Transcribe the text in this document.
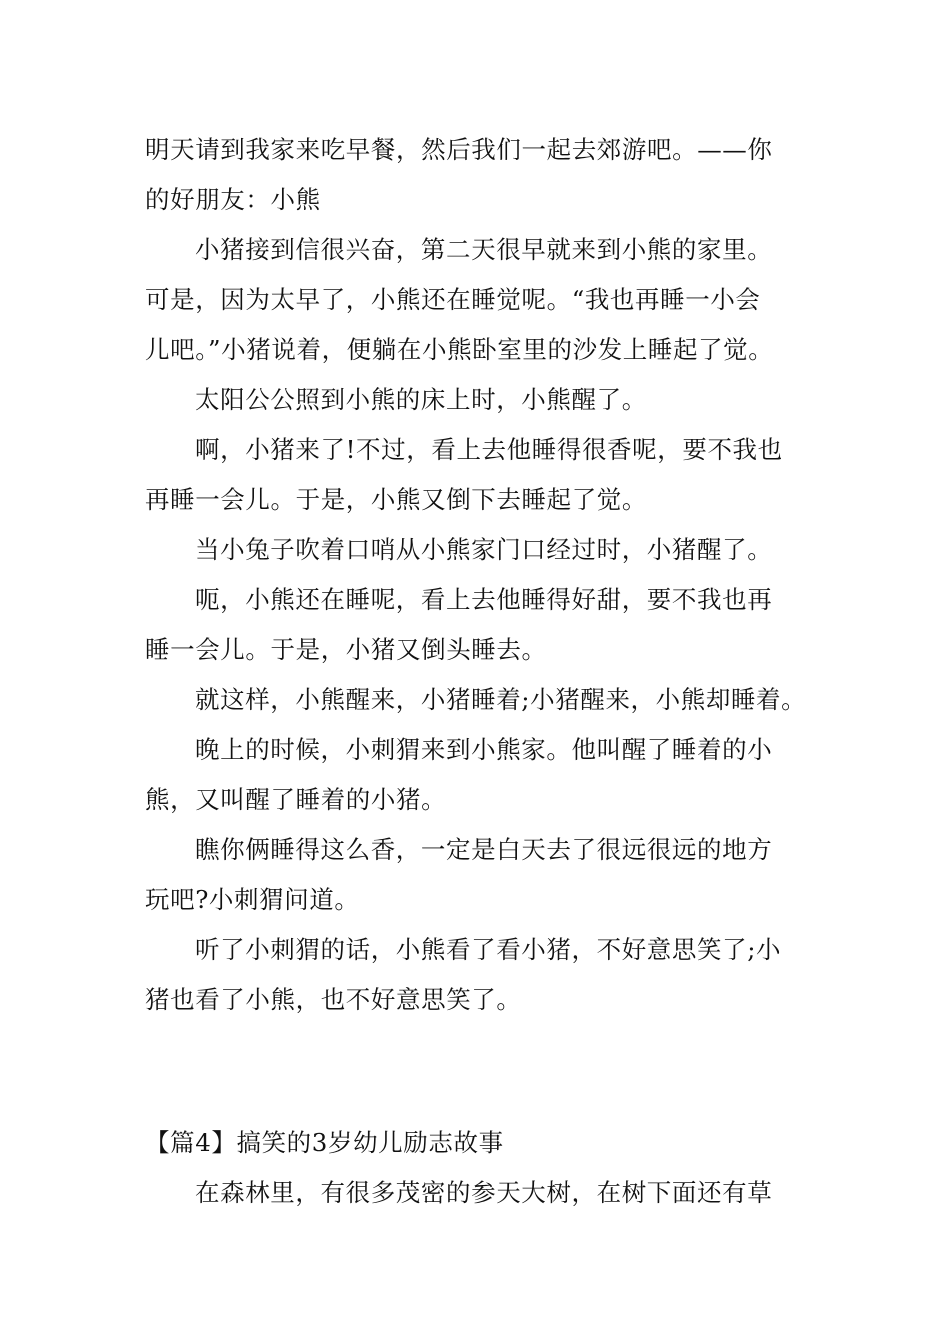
明天请到我家来吃早餐，然后我们一起去郊游吧。——你
的好朋友：小熊
小猪接到信很兴奋，第二天很早就来到小熊的家里。
可是，因为太早了，小熊还在睡觉呢。“我也再睡一小会
儿吧。”小猪说着，便躺在小熊卧室里的沙发上睡起了觉。
太阳公公照到小熊的床上时，小熊醒了。
啊，小猪来了!不过，看上去他睡得很香呢，要不我也
再睡一会儿。于是，小熊又倒下去睡起了觉。
当小兔子吹着口哨从小熊家门口经过时，小猪醒了。
呃，小熊还在睡呢，看上去他睡得好甜，要不我也再
睡一会儿。于是，小猪又倒头睡去。
就这样，小熊醒来，小猪睡着;小猪醒来，小熊却睡着。
晚上的时候，小刺猬来到小熊家。他叫醒了睡着的小
熊，又叫醒了睡着的小猪。
瞧你俩睡得这么香，一定是白天去了很远很远的地方
玩吧?小刺猬问道。
听了小刺猬的话，小熊看了看小猪，不好意思笑了;小
猪也看了小熊，也不好意思笑了。
【篇4】搞笑的3岁幼儿励志故事
在森林里，有很多茂密的参天大树，在树下面还有草
